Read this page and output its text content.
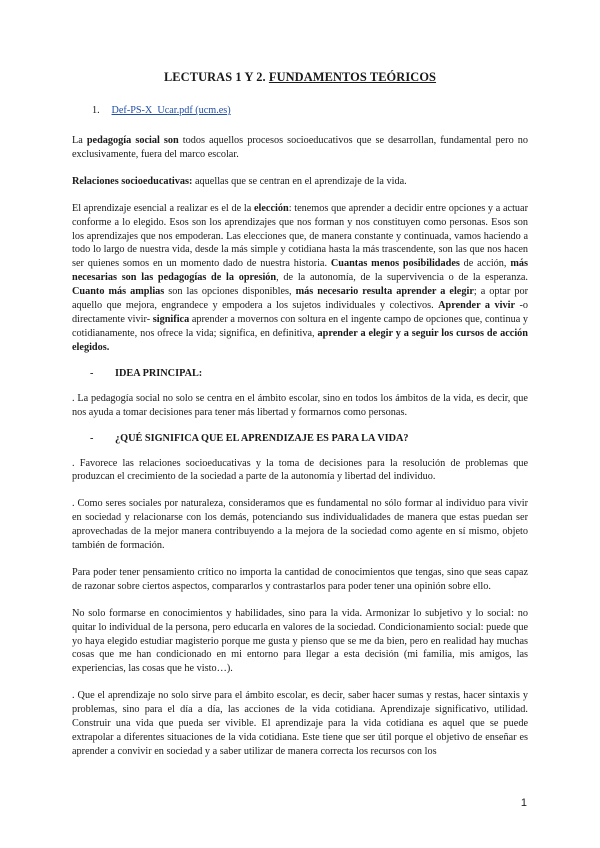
LECTURAS 1 Y 2. FUNDAMENTOS TEÓRICOS
1. Def-PS-X_Ucar.pdf (ucm.es)

La pedagogía social son todos aquellos procesos socioeducativos que se desarrollan, fundamental pero no exclusivamente, fuera del marco escolar.

Relaciones socioeducativas: aquellas que se centran en el aprendizaje de la vida.

El aprendizaje esencial a realizar es el de la elección: tenemos que aprender a decidir entre opciones y a actuar conforme a lo elegido. Esos son los aprendizajes que nos forman y nos constituyen como personas. Esos son los aprendizajes que nos empoderan. Las elecciones que, de manera constante y continuada, vamos haciendo a todo lo largo de nuestra vida, desde la más simple y cotidiana hasta la más trascendente, son las que nos hacen ser quienes somos en un momento dado de nuestra historia. Cuantas menos posibilidades de acción, más necesarias son las pedagogías de la opresión, de la autonomía, de la supervivencia o de la esperanza. Cuanto más amplias son las opciones disponibles, más necesario resulta aprender a elegir; a optar por aquello que mejora, engrandece y empodera a los sujetos individuales y colectivos. Aprender a vivir -o directamente vivir- significa aprender a movernos con soltura en el ingente campo de opciones que, continua y cotidianamente, nos ofrece la vida; significa, en definitiva, aprender a elegir y a seguir los cursos de acción elegidos.

- IDEA PRINCIPAL:

. La pedagogía social no solo se centra en el ámbito escolar, sino en todos los ámbitos de la vida, es decir, que nos ayuda a tomar decisiones para tener más libertad y formarnos como personas.

- ¿QUÉ SIGNIFICA QUE EL APRENDIZAJE ES PARA LA VIDA?

. Favorece las relaciones socioeducativas y la toma de decisiones para la resolución de problemas que produzcan el crecimiento de la sociedad a parte de la autonomía y libertad del individuo.

. Como seres sociales por naturaleza, consideramos que es fundamental no sólo formar al individuo para vivir en sociedad y relacionarse con los demás, potenciando sus individualidades de manera que estas puedan ser aprovechadas de la mejor manera contribuyendo a la mejora de la sociedad como agente en sí mismo, objeto también de formación.

Para poder tener pensamiento crítico no importa la cantidad de conocimientos que tengas, sino que seas capaz de razonar sobre ciertos aspectos, compararlos y contrastarlos para poder tener una opinión sobre ello.

No solo formarse en conocimientos y habilidades, sino para la vida. Armonizar lo subjetivo y lo social: no quitar lo individual de la persona, pero educarla en valores de la sociedad. Condicionamiento social: puede que yo haya elegido estudiar magisterio porque me gusta y pienso que se me da bien, pero en realidad hay muchas cosas que me han condicionado en mi entorno para llegar a esta decisión (mi familia, mis amigos, las experiencias, las cosas que he visto…).

. Que el aprendizaje no solo sirve para el ámbito escolar, es decir, saber hacer sumas y restas, hacer sintaxis y problemas, sino para el día a día, las acciones de la vida cotidiana. Aprendizaje significativo, utilidad. Construir una vida que pueda ser vivible. El aprendizaje para la vida cotidiana es aquel que se puede extrapolar a diferentes situaciones de la vida cotidiana. Este tiene que ser útil porque el objetivo de enseñar es aprender a convivir en sociedad y a saber utilizar de manera correcta los recursos con los

1
